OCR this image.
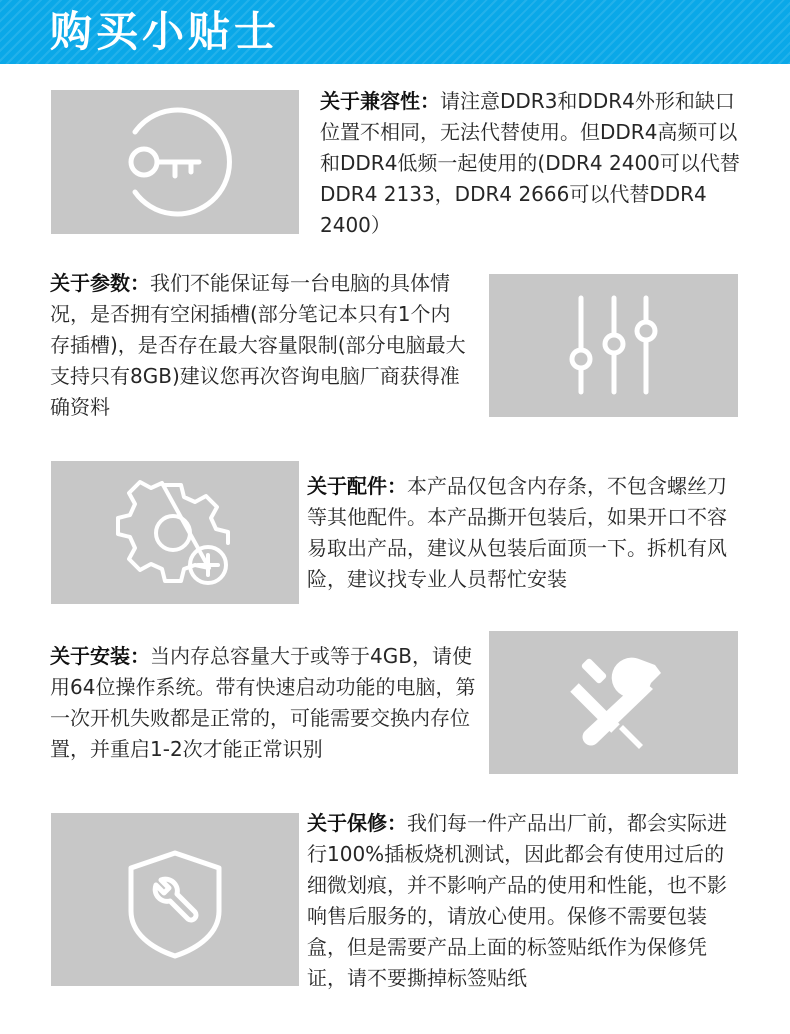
购买小贴士
关于兼容性：请注意DDR3和DDR4外形和缺口位置不相同，无法代替使用。但DDR4高频可以和DDR4低频一起使用的(DDR4 2400可以代替DDR4 2133，DDR4 2666可以代替DDR4 2400）
关于参数：我们不能保证每一台电脑的具体情况，是否拥有空闲插槽(部分笔记本只有1个内存插槽)，是否存在最大容量限制(部分电脑最大支持只有8GB)建议您再次咨询电脑厂商获得准确资料
关于配件：本产品仅包含内存条，不包含螺丝刀等其他配件。本产品撕开包装后，如果开口不容易取出产品，建议从包装后面顶一下。拆机有风险，建议找专业人员帮忙安装
关于安装：当内存总容量大于或等于4GB，请使用64位操作系统。带有快速启动功能的电脑，第一次开机失败都是正常的，可能需要交换内存位置，并重启1-2次才能正常识别
关于保修：我们每一件产品出厂前，都会实际进行100%插板烧机测试，因此都会有使用过后的细微划痕，并不影响产品的使用和性能，也不影响售后服务的，请放心使用。保修不需要包装盒，但是需要产品上面的标签贴纸作为保修凭证，请不要撕掉标签贴纸
